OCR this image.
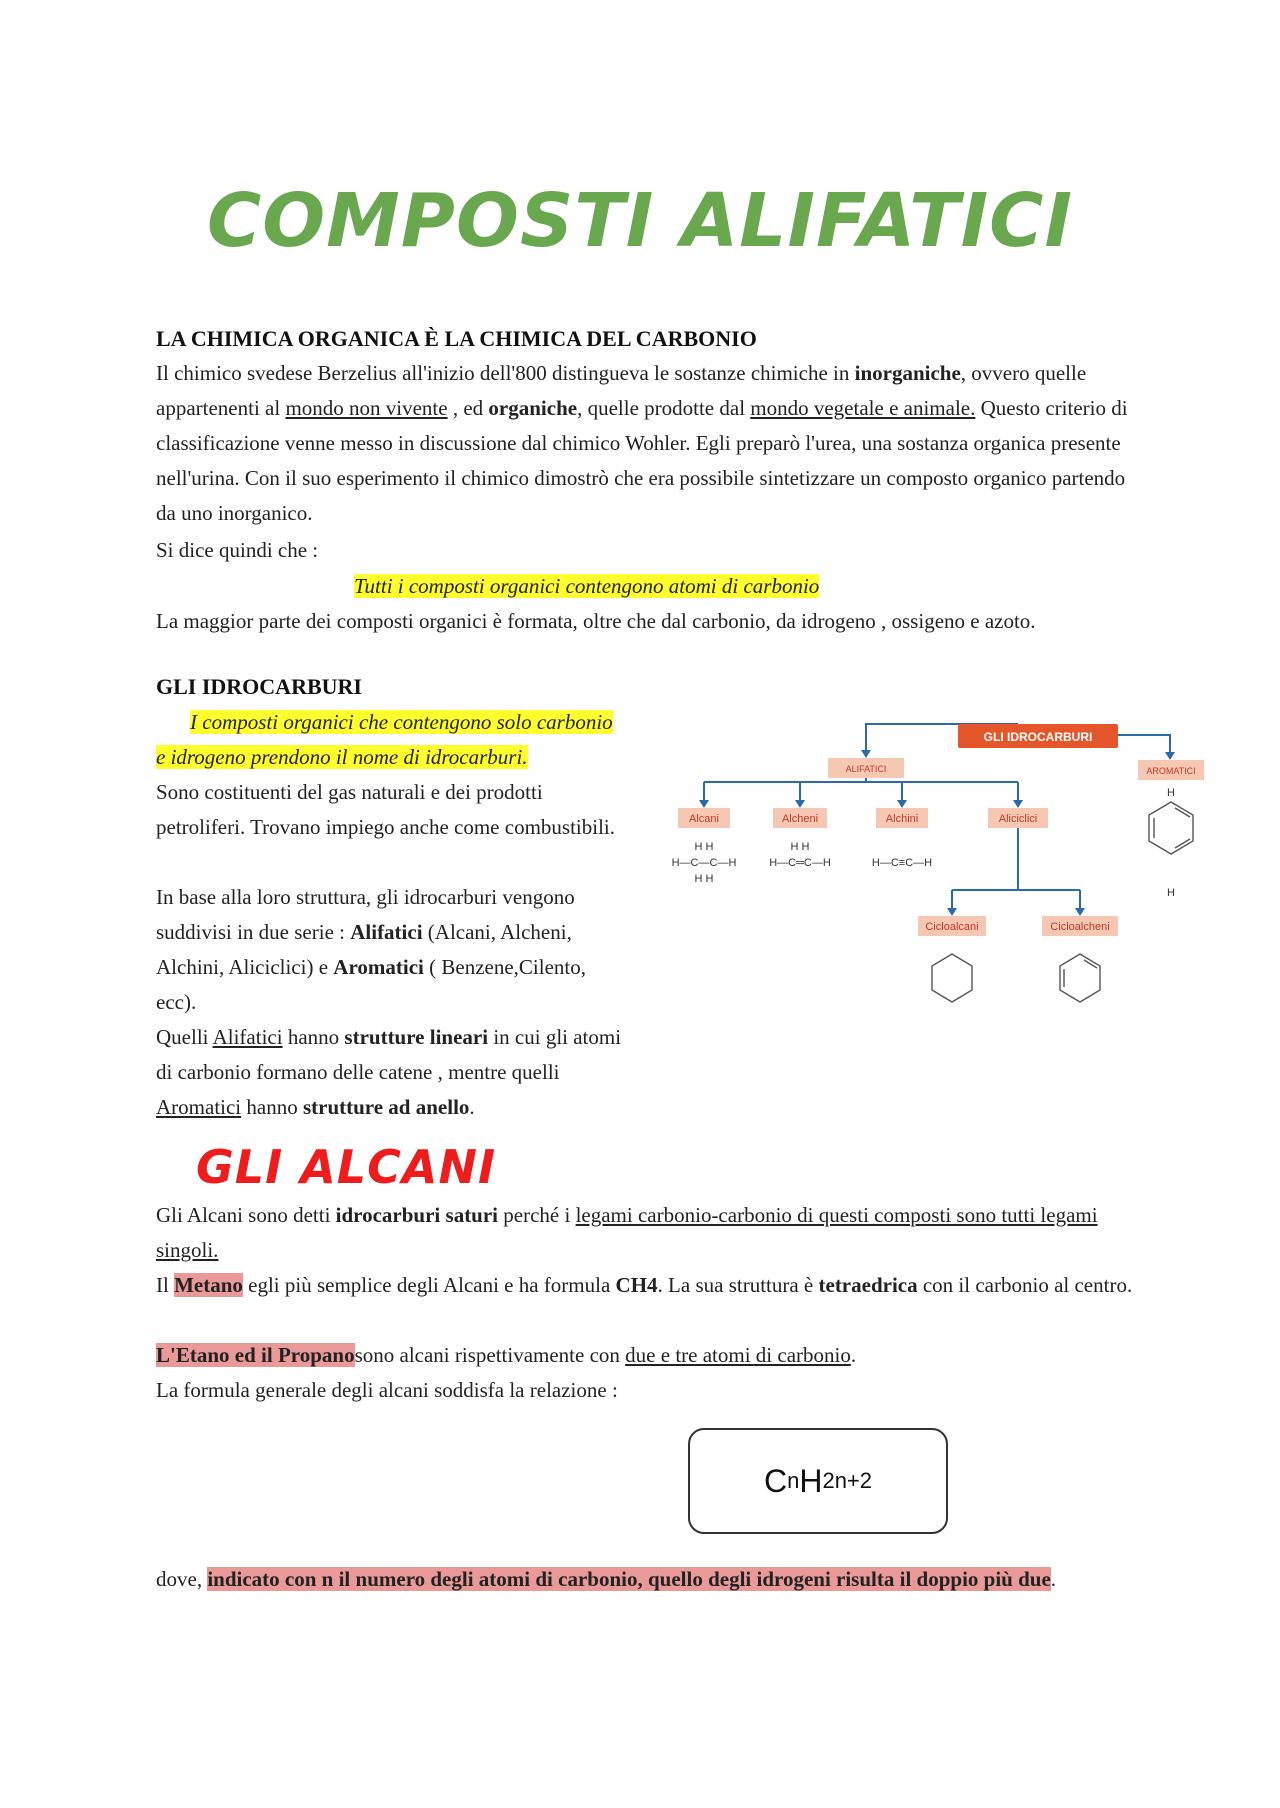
COMPOSTI ALIFATICI
LA CHIMICA ORGANICA È LA CHIMICA DEL CARBONIO

Il chimico svedese Berzelius all'inizio dell'800 distingueva le sostanze chimiche in inorganiche, ovvero quelle appartenenti al mondo non vivente , ed organiche, quelle prodotte dal mondo vegetale e animale. Questo criterio di classificazione venne messo in discussione dal chimico Wohler. Egli preparò l'urea, una sostanza organica presente nell'urina. Con il suo esperimento il chimico dimostrò che era possibile sintetizzare un composto organico partendo da uno inorganico.

Si dice quindi che :

Tutti i composti organici contengono atomi di carbonio

La maggior parte dei composti organici è formata, oltre che dal carbonio, da idrogeno , ossigeno e azoto.

GLI IDROCARBURI

I composti organici che contengono solo carbonio e idrogeno prendono il nome di idrocarburi.

Sono costituenti del gas naturali e dei prodotti petroliferi. Trovano impiego anche come combustibili.

In base alla loro struttura, gli idrocarburi vengono suddivisi in due serie : Alifatici (Alcani, Alcheni, Alchini, Aliciclici) e Aromatici ( Benzene,Cilento, ecc).

Quelli Alifatici hanno strutture lineari in cui gli atomi di carbonio formano delle catene , mentre quelli Aromatici hanno strutture ad anello.

GLI IDROCARBURI
ALIFATICI	AROMATICI
Alcani	Alcheni	Alchini	Aliciclici
Cicloalcani	Cicloalcheni
H H
H—C—C—H
H H
H H
H—C═C—H	H—C≡C—H
H
H
GLI ALCANI

Gli Alcani sono detti idrocarburi saturi perché i legami carbonio-carbonio di questi composti sono tutti legami singoli.

Il Metano egli più semplice degli Alcani e ha formula CH4. La sua struttura è tetraedrica con il carbonio al centro.

L'Etano ed il Propanosono alcani rispettivamente con due e tre atomi di carbonio.

La formula generale degli alcani soddisfa la relazione :

C n H 2n+2

dove, indicato con n il numero degli atomi di carbonio, quello degli idrogeni risulta il doppio più due.
